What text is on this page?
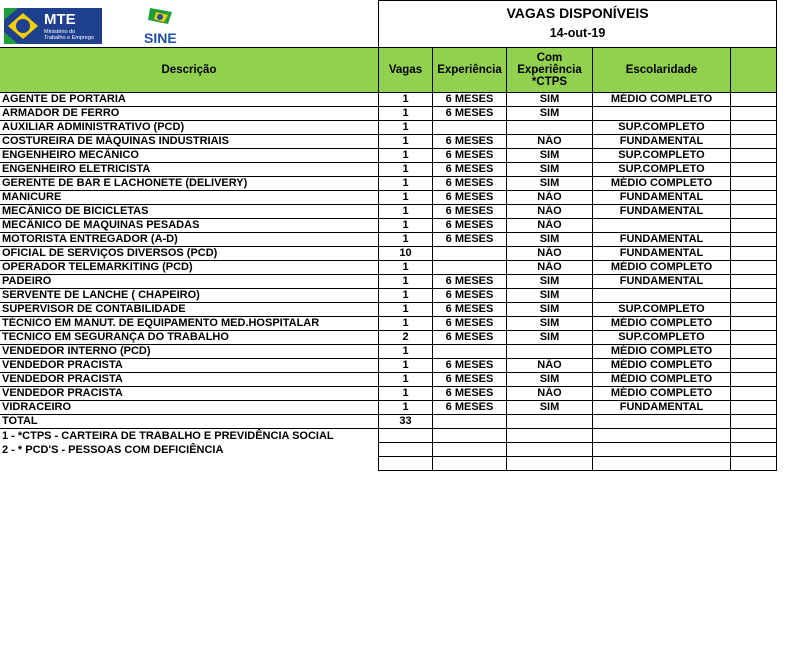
MTE
Ministério do
Trabalho e Emprego	SINE
	VAGAS DISPONÍVEIS
14-out-19				

Descrição	Vagas	Experiência	Com Experiência *CTPS	Escolaridade	
AGENTE DE PORTARIA	1	6 MESES	SIM	MÉDIO COMPLETO	
ARMADOR DE FERRO	1	6 MESES	SIM		
AUXILIAR ADMINISTRATIVO (PCD)	1			SUP.COMPLETO	
COSTUREIRA DE MÁQUINAS INDUSTRIAIS	1	6 MESES	NÃO	FUNDAMENTAL	
ENGENHEIRO MECÂNICO	1	6 MESES	SIM	SUP.COMPLETO	
ENGENHEIRO ELETRICISTA	1	6 MESES	SIM	SUP.COMPLETO	
GERENTE DE BAR E LACHONETE (DELIVERY)	1	6 MESES	SIM	MÉDIO COMPLETO	
MANICURE	1	6 MESES	NÃO	FUNDAMENTAL	
MECÂNICO DE BICICLETAS	1	6 MESES	NÃO	FUNDAMENTAL	
MECÂNICO DE MAQUINAS PESADAS	1	6 MESES	NÃO		
MOTORISTA ENTREGADOR (A-D)	1	6 MESES	SIM	FUNDAMENTAL	
OFICIAL DE SERVIÇOS DIVERSOS (PCD)	10		NÃO	FUNDAMENTAL	
OPERADOR TELEMARKITING (PCD)	1		NÃO	MÉDIO COMPLETO	
PADEIRO	1	6 MESES	SIM	FUNDAMENTAL	
SERVENTE DE LANCHE ( CHAPEIRO)	1	6 MESES	SIM		
SUPERVISOR DE CONTABILIDADE	1	6 MESES	SIM	SUP.COMPLETO	
TÉCNICO EM MANUT. DE EQUIPAMENTO MED.HOSPITALAR	1	6 MESES	SIM	MÉDIO COMPLETO	
TECNICO EM SEGURANÇA DO TRABALHO	2	6 MESES	SIM	SUP.COMPLETO	
VENDEDOR INTERNO (PCD)	1			MÉDIO COMPLETO	
VENDEDOR PRACISTA	1	6 MESES	NÃO	MÉDIO COMPLETO	
VENDEDOR PRACISTA	1	6 MESES	SIM	MÉDIO COMPLETO	
VENDEDOR PRACISTA	1	6 MESES	NÃO	MÉDIO COMPLETO	
VIDRACEIRO	1	6 MESES	SIM	FUNDAMENTAL	
TOTAL	33				
1 - *CTPS - CARTEIRA DE TRABALHO E PREVIDÊNCIA SOCIAL					
2 - * PCD'S - PESSOAS COM DEFICIÊNCIA					
